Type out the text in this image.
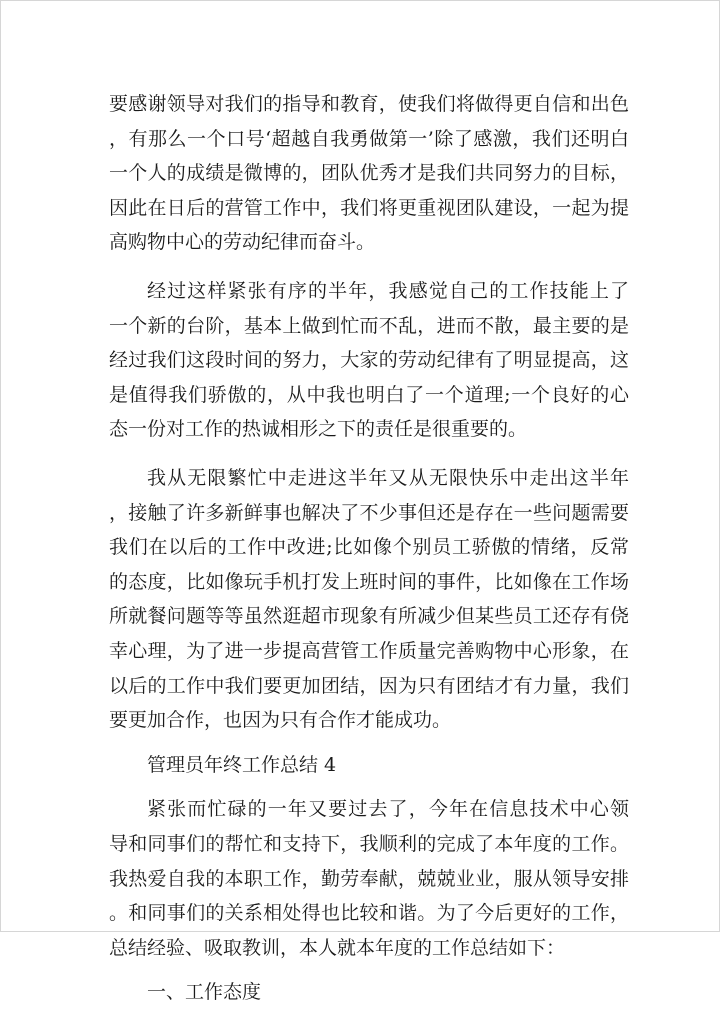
要感谢领导对我们的指导和教育，使我们将做得更自信和出色
，有那么一个口号‘超越自我勇做第一’除了感激，我们还明白
一个人的成绩是微博的，团队优秀才是我们共同努力的目标，
因此在日后的营管工作中，我们将更重视团队建设，一起为提
高购物中心的劳动纪律而奋斗。
经过这样紧张有序的半年，我感觉自己的工作技能上了
一个新的台阶，基本上做到忙而不乱，进而不散，最主要的是
经过我们这段时间的努力，大家的劳动纪律有了明显提高，这
是值得我们骄傲的，从中我也明白了一个道理;一个良好的心
态一份对工作的热诚相形之下的责任是很重要的。
我从无限繁忙中走进这半年又从无限快乐中走出这半年
，接触了许多新鲜事也解决了不少事但还是存在一些问题需要
我们在以后的工作中改进;比如像个别员工骄傲的情绪，反常
的态度，比如像玩手机打发上班时间的事件，比如像在工作场
所就餐问题等等虽然逛超市现象有所减少但某些员工还存有侥
幸心理，为了进一步提高营管工作质量完善购物中心形象，在
以后的工作中我们要更加团结，因为只有团结才有力量，我们
要更加合作，也因为只有合作才能成功。
管理员年终工作总结 4
紧张而忙碌的一年又要过去了，今年在信息技术中心领
导和同事们的帮忙和支持下，我顺利的完成了本年度的工作。
我热爱自我的本职工作，勤劳奉献，兢兢业业，服从领导安排
。和同事们的关系相处得也比较和谐。为了今后更好的工作，
总结经验、吸取教训，本人就本年度的工作总结如下：
一、工作态度
